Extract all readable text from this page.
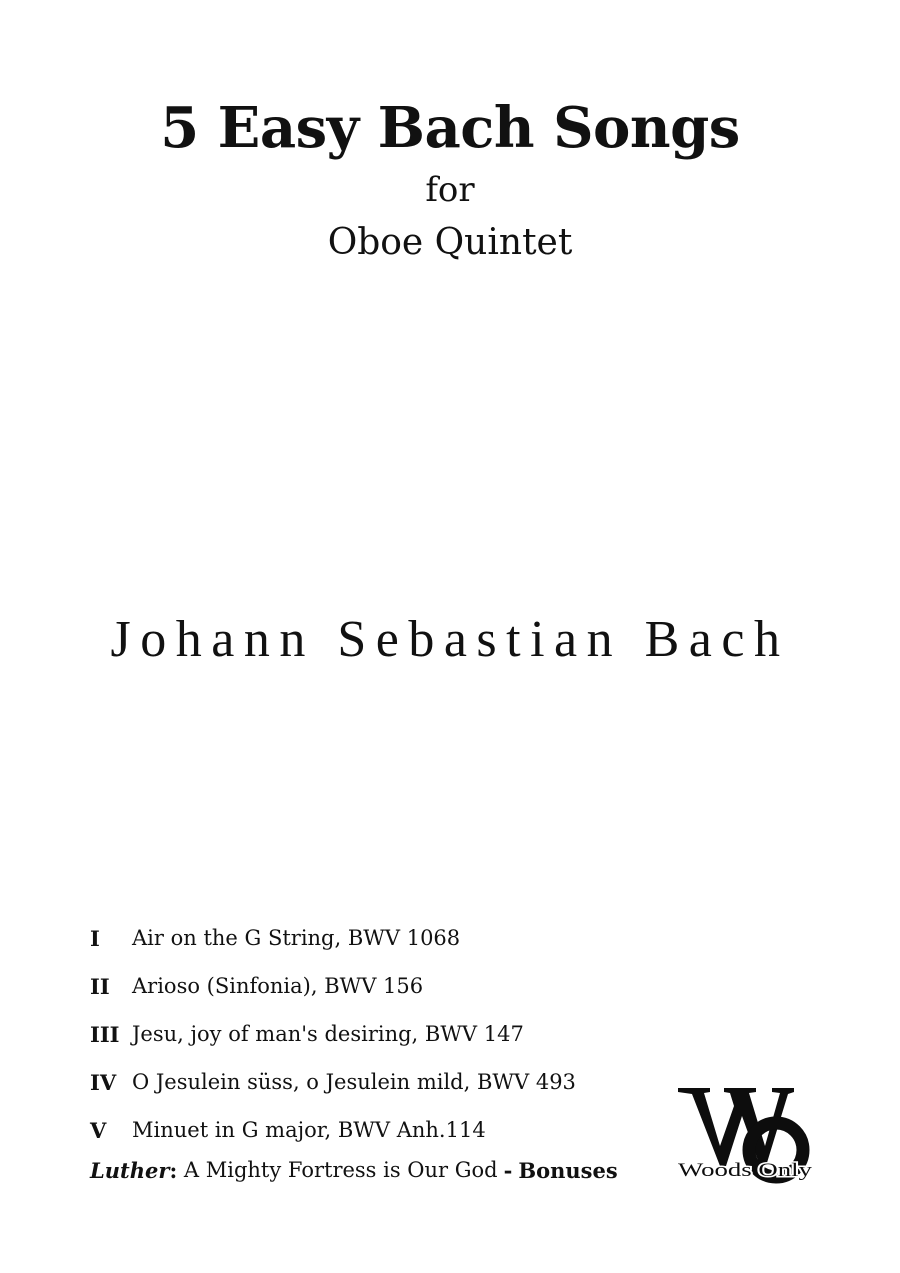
5 Easy Bach Songs
for
Oboe Quintet
Johann Sebastian Bach
I	Air on the G String, BWV 1068
II	Arioso (Sinfonia), BWV 156
III Jesu, joy of man's desiring, BWV 147
IV O Jesulein süss, o Jesulein mild, BWV 493
V	Minuet in G major, BWV Anh.114
Luther :
A Mighty Fortress is Our God - Bonuses	Woods Only
